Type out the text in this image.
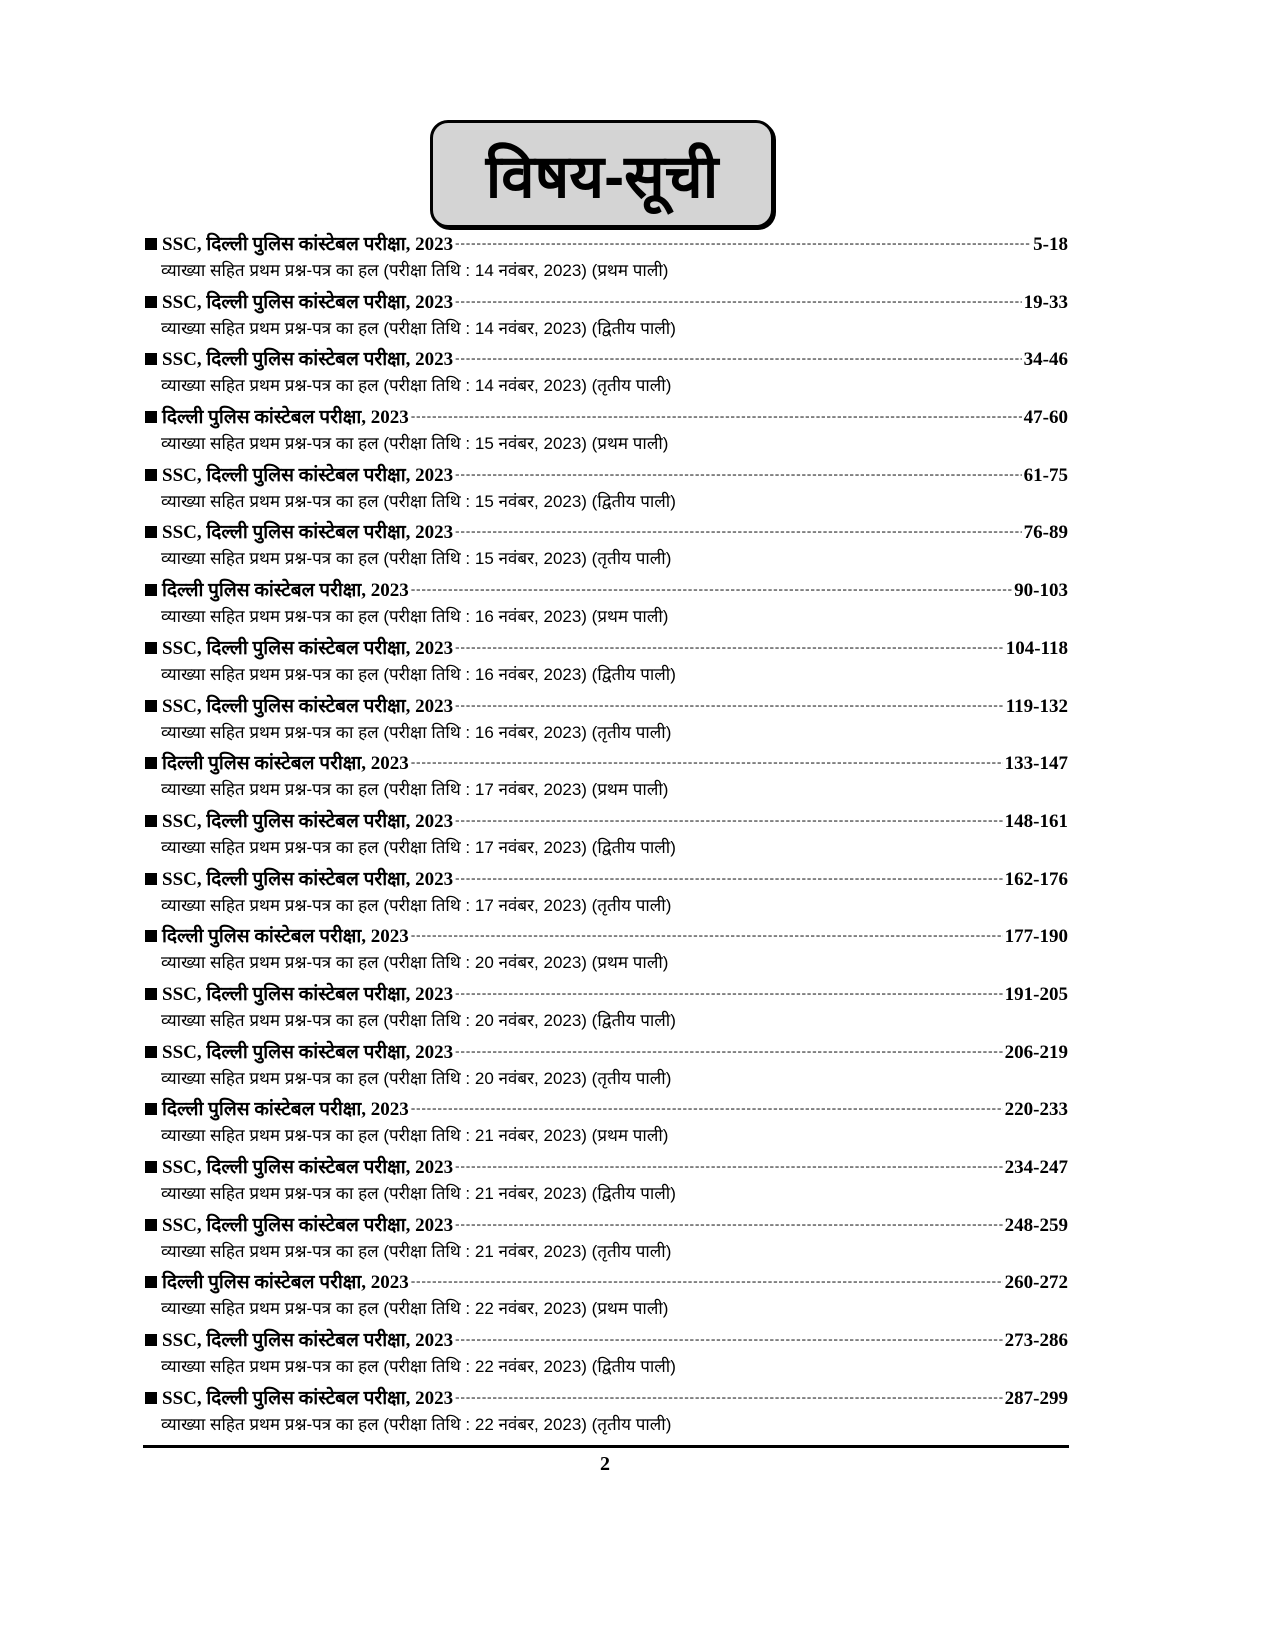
विषय-सूची
SSC, दिल्ली पुलिस कांस्टेबल परीक्षा, 2023 -----	5-18
व्याख्या सहित प्रथम प्रश्न-पत्र का हल (परीक्षा तिथि : 14 नवंबर, 2023) (प्रथम पाली)
SSC, दिल्ली पुलिस कांस्टेबल परीक्षा, 2023 -----	19-33
व्याख्या सहित प्रथम प्रश्न-पत्र का हल (परीक्षा तिथि : 14 नवंबर, 2023) (द्वितीय पाली)
SSC, दिल्ली पुलिस कांस्टेबल परीक्षा, 2023 -----	34-46
व्याख्या सहित प्रथम प्रश्न-पत्र का हल (परीक्षा तिथि : 14 नवंबर, 2023) (तृतीय पाली)
दिल्ली पुलिस कांस्टेबल परीक्षा, 2023 -----	47-60
व्याख्या सहित प्रथम प्रश्न-पत्र का हल (परीक्षा तिथि : 15 नवंबर, 2023) (प्रथम पाली)
SSC, दिल्ली पुलिस कांस्टेबल परीक्षा, 2023 -----	61-75
व्याख्या सहित प्रथम प्रश्न-पत्र का हल (परीक्षा तिथि : 15 नवंबर, 2023) (द्वितीय पाली)
SSC, दिल्ली पुलिस कांस्टेबल परीक्षा, 2023 -----	76-89
व्याख्या सहित प्रथम प्रश्न-पत्र का हल (परीक्षा तिथि : 15 नवंबर, 2023) (तृतीय पाली)
दिल्ली पुलिस कांस्टेबल परीक्षा, 2023 -----	90-103
व्याख्या सहित प्रथम प्रश्न-पत्र का हल (परीक्षा तिथि : 16 नवंबर, 2023) (प्रथम पाली)
SSC, दिल्ली पुलिस कांस्टेबल परीक्षा, 2023 -----	104-118
व्याख्या सहित प्रथम प्रश्न-पत्र का हल (परीक्षा तिथि : 16 नवंबर, 2023) (द्वितीय पाली)
SSC, दिल्ली पुलिस कांस्टेबल परीक्षा, 2023 -----	119-132
व्याख्या सहित प्रथम प्रश्न-पत्र का हल (परीक्षा तिथि : 16 नवंबर, 2023) (तृतीय पाली)
दिल्ली पुलिस कांस्टेबल परीक्षा, 2023 -----	133-147
व्याख्या सहित प्रथम प्रश्न-पत्र का हल (परीक्षा तिथि : 17 नवंबर, 2023) (प्रथम पाली)
SSC, दिल्ली पुलिस कांस्टेबल परीक्षा, 2023 -----	148-161
व्याख्या सहित प्रथम प्रश्न-पत्र का हल (परीक्षा तिथि : 17 नवंबर, 2023) (द्वितीय पाली)
SSC, दिल्ली पुलिस कांस्टेबल परीक्षा, 2023 -----	162-176
व्याख्या सहित प्रथम प्रश्न-पत्र का हल (परीक्षा तिथि : 17 नवंबर, 2023) (तृतीय पाली)
दिल्ली पुलिस कांस्टेबल परीक्षा, 2023 -----	177-190
व्याख्या सहित प्रथम प्रश्न-पत्र का हल (परीक्षा तिथि : 20 नवंबर, 2023) (प्रथम पाली)
SSC, दिल्ली पुलिस कांस्टेबल परीक्षा, 2023 -----	191-205
व्याख्या सहित प्रथम प्रश्न-पत्र का हल (परीक्षा तिथि : 20 नवंबर, 2023) (द्वितीय पाली)
SSC, दिल्ली पुलिस कांस्टेबल परीक्षा, 2023 -----	206-219
व्याख्या सहित प्रथम प्रश्न-पत्र का हल (परीक्षा तिथि : 20 नवंबर, 2023) (तृतीय पाली)
दिल्ली पुलिस कांस्टेबल परीक्षा, 2023 -----	220-233
व्याख्या सहित प्रथम प्रश्न-पत्र का हल (परीक्षा तिथि : 21 नवंबर, 2023) (प्रथम पाली)
SSC, दिल्ली पुलिस कांस्टेबल परीक्षा, 2023 -----	234-247
व्याख्या सहित प्रथम प्रश्न-पत्र का हल (परीक्षा तिथि : 21 नवंबर, 2023) (द्वितीय पाली)
SSC, दिल्ली पुलिस कांस्टेबल परीक्षा, 2023 -----	248-259
व्याख्या सहित प्रथम प्रश्न-पत्र का हल (परीक्षा तिथि : 21 नवंबर, 2023) (तृतीय पाली)
दिल्ली पुलिस कांस्टेबल परीक्षा, 2023 -----	260-272
व्याख्या सहित प्रथम प्रश्न-पत्र का हल (परीक्षा तिथि : 22 नवंबर, 2023) (प्रथम पाली)
SSC, दिल्ली पुलिस कांस्टेबल परीक्षा, 2023 -----	273-286
व्याख्या सहित प्रथम प्रश्न-पत्र का हल (परीक्षा तिथि : 22 नवंबर, 2023) (द्वितीय पाली)
SSC, दिल्ली पुलिस कांस्टेबल परीक्षा, 2023 -----	287-299
व्याख्या सहित प्रथम प्रश्न-पत्र का हल (परीक्षा तिथि : 22 नवंबर, 2023) (तृतीय पाली)
2
